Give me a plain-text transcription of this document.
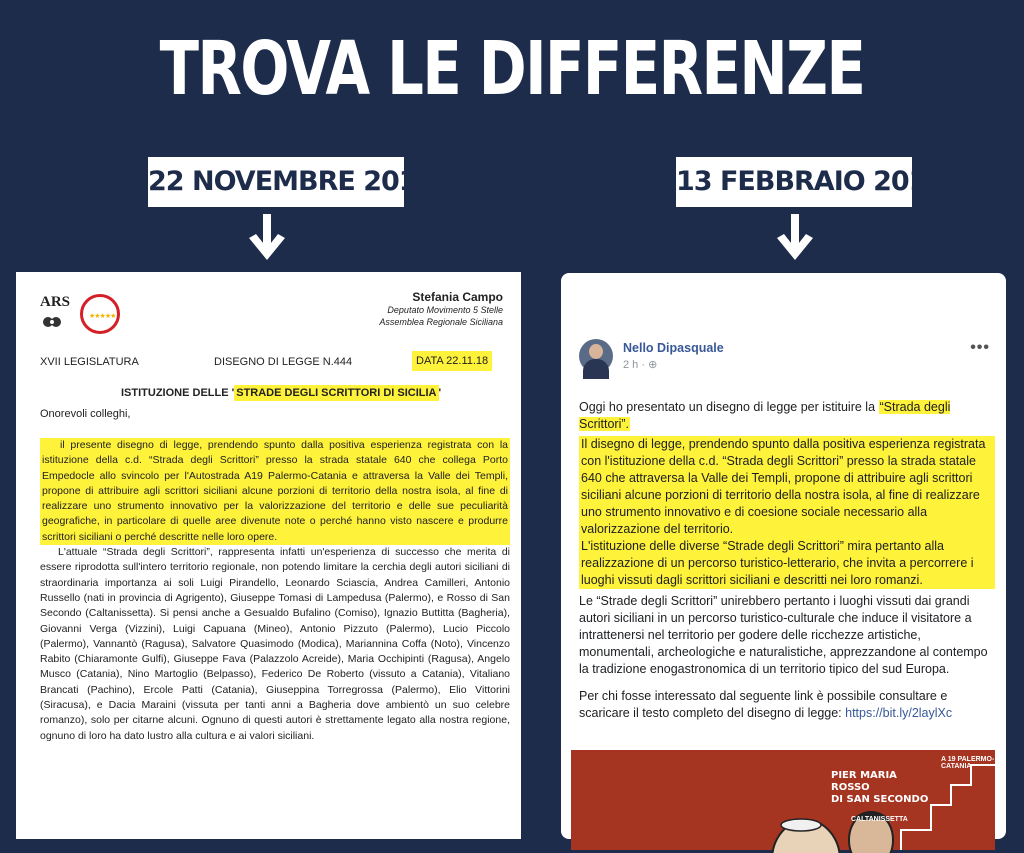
TROVA LE DIFFERENZE
22 NOVEMBRE 2018	13 FEBBRAIO 2019
ARS
★★★★★
Stefania Campo
Deputato Movimento 5 Stelle
Assemblea Regionale Siciliana
XVII LEGISLATURA	DISEGNO DI LEGGE N.444	DATA 22.11.18
ISTITUZIONE DELLE ' STRADE DEGLI SCRITTORI DI SICILIA '
Onorevoli colleghi,

il presente disegno di legge, prendendo spunto dalla positiva esperienza registrata con la istituzione della c.d. “Strada degli Scrittori” presso la strada statale 640 che collega Porto Empedocle allo svincolo per l'Autostrada A19 Palermo-Catania e attraversa la Valle dei Templi, propone di attribuire agli scrittori siciliani alcune porzioni di territorio della nostra isola, al fine di realizzare uno strumento innovativo per la valorizzazione del territorio e delle sue peculiarità geografiche, in particolare di quelle aree divenute note o perché hanno visto nascere e produrre scrittori siciliani o perché descritte nelle loro opere.

L'attuale “Strada degli Scrittori”, rappresenta infatti un'esperienza di successo che merita di essere riprodotta sull'intero territorio regionale, non potendo limitare la cerchia degli autori siciliani di straordinaria importanza ai soli Luigi Pirandello, Leonardo Sciascia, Andrea Camilleri, Antonio Russello (nati in provincia di Agrigento), Giuseppe Tomasi di Lampedusa (Palermo), e Rosso di San Secondo (Caltanissetta). Si pensi anche a Gesualdo Bufalino (Comiso), Ignazio Buttitta (Bagheria), Giovanni Verga (Vizzini), Luigi Capuana (Mineo), Antonio Pizzuto (Palermo), Lucio Piccolo (Palermo), Vannantò (Ragusa), Salvatore Quasimodo (Modica), Mariannina Coffa (Noto), Vincenzo Rabito (Chiaramonte Gulfi), Giuseppe Fava (Palazzolo Acreide), Maria Occhipinti (Ragusa), Angelo Musco (Catania), Nino Martoglio (Belpasso), Federico De Roberto (vissuto a Catania), Vitaliano Brancati (Pachino), Ercole Patti (Catania), Giuseppina Torregrossa (Palermo), Elio Vittorini (Siracusa), e Dacia Maraini (vissuta per tanti anni a Bagheria dove ambientò un suo celebre romanzo), solo per citarne alcuni. Ognuno di questi autori è strettamente legato alla nostra regione, ognuno di loro ha dato lustro alla cultura e ai valori siciliani.

Nello Dipasquale
2 h · ⊕
•••

Oggi ho presentato un disegno di legge per istituire la “Strada degli Scrittori”.

Il disegno di legge, prendendo spunto dalla positiva esperienza registrata con l'istituzione della c.d. “Strada degli Scrittori” presso la strada statale 640 che attraversa la Valle dei Templi, propone di attribuire agli scrittori siciliani alcune porzioni di territorio della nostra isola, al fine di realizzare uno strumento innovativo e di coesione sociale necessario alla valorizzazione del territorio.

L'istituzione delle diverse “Strade degli Scrittori” mira pertanto alla realizzazione di un percorso turistico-letterario, che invita a percorrere i luoghi vissuti dagli scrittori siciliani e descritti nei loro romanzi.

Le “Strade degli Scrittori” unirebbero pertanto i luoghi vissuti dai grandi autori siciliani in un percorso turistico-culturale che induce il visitatore a intrattenersi nel territorio per godere delle ricchezze artistiche, monumentali, archeologiche e naturalistiche, apprezzandone al contempo la tradizione enogastronomica di un territorio tipico del sud Europa.

Per chi fosse interessato dal seguente link è possibile consultare e scaricare il testo completo del disegno di legge: https://bit.ly/2laylXc

A 19 PALERMO-CATANIA
PIER MARIA
ROSSO
DI SAN SECONDO
CALTANISSETTA
